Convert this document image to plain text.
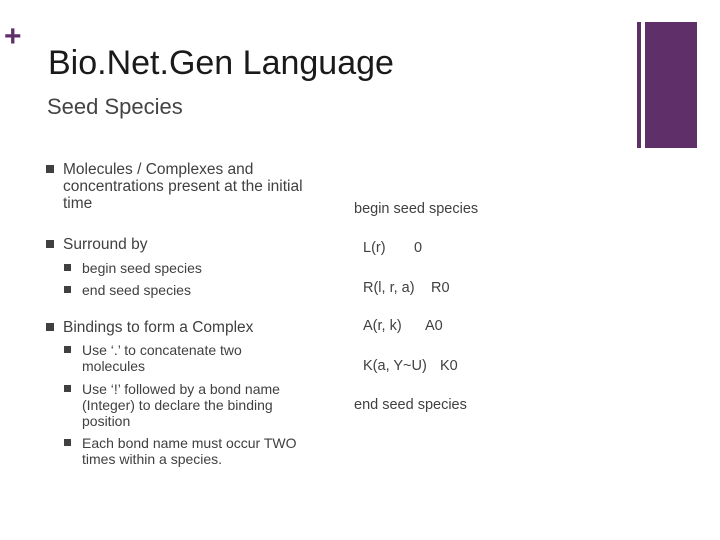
+
Bio.Net.Gen Language
Seed Species
Molecules / Complexes and concentrations present at the initial time
Surround by
begin seed species
end seed species
Bindings to form a Complex
Use ‘.’ to concatenate two molecules
Use ‘!’ followed by a bond name (Integer) to declare the binding position
Each bond name must occur TWO times within a species.
begin seed species
L(r) 0
R(l, r, a) R0
A(r, k) A0
K(a, Y~U) K0
end seed species
